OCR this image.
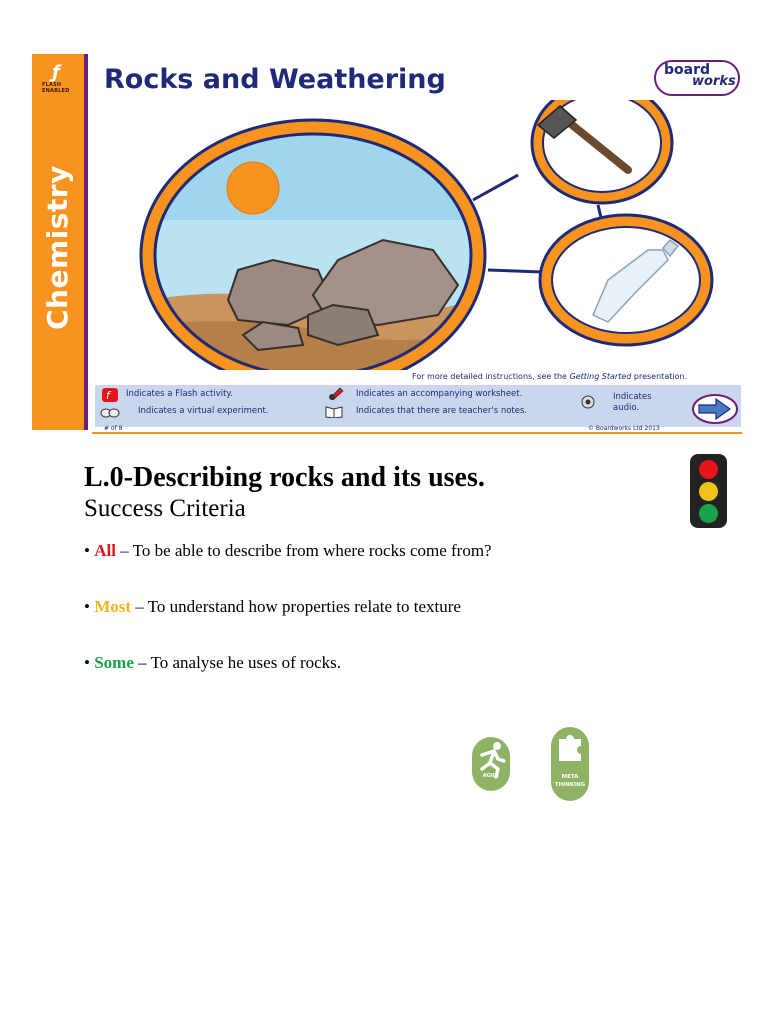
ƒ
FLASH ENABLED
Chemistry
Rocks and Weathering	board
works
For more detailed instructions, see the Getting Started presentation.
f Indicates a Flash activity.
Indicates a virtual experiment.
Indicates an accompanying worksheet.
Indicates that there are teacher's notes.
Indicates audio.
# of 8	© Boardworks Ltd 2013
L.0-Describing rocks and its uses.
Success Criteria
• All – To be able to describe from where rocks come from?
• Most – To understand how properties relate to texture
• Some – To analyse he uses of rocks.
AGILE	META
THINKING
